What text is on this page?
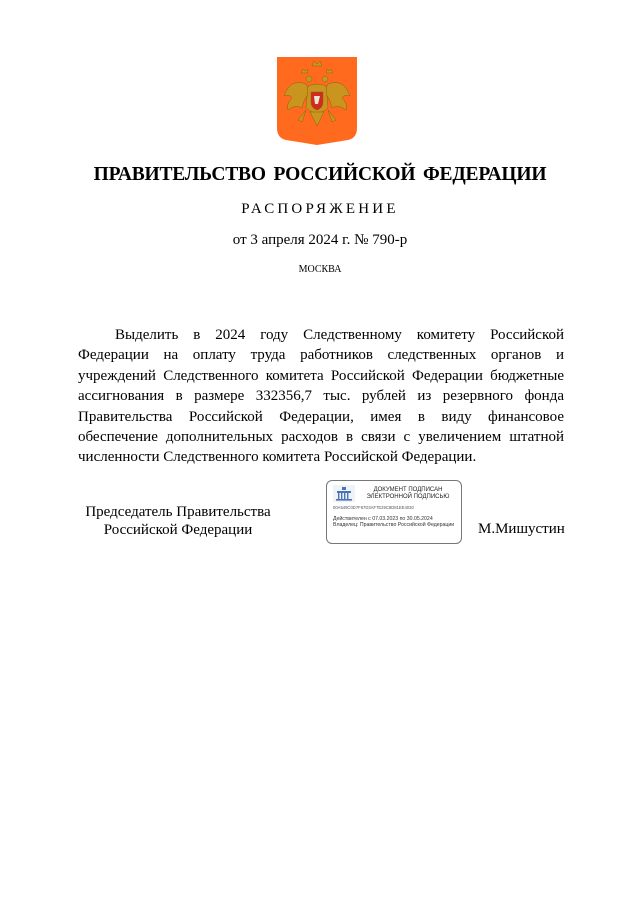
ПРАВИТЕЛЬСТВО РОССИЙСКОЙ ФЕДЕРАЦИИ
РАСПОРЯЖЕНИЕ
от 3 апреля 2024 г. № 790-р
МОСКВА

Выделить в 2024 году Следственному комитету Российской Федерации на оплату труда работников следственных органов и учреждений Следственного комитета Российской Федерации бюджетные ассигнования в размере 332356,7 тыс. рублей из резервного фонда Правительства Российской Федерации, имея в виду финансовое обеспечение дополнительных расходов в связи с увеличением штатной численности Следственного комитета Российской Федерации.

Председатель Правительства
Российской Федерации
ДОКУМЕНТ ПОДПИСАН
ЭЛЕКТРОННОЙ ПОДПИСЬЮ
00A549C0D7F67D3AF7E29C8D81EE4030
Действителен с 07.03.2023 по 30.05.2024
Владелец: Правительство Российской Федерации	М.Мишустин
